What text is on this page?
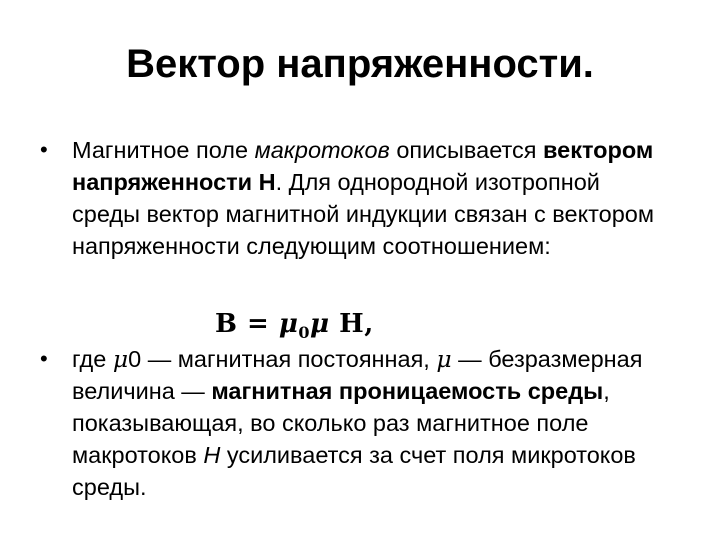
Вектор напряженности.
•	Магнитное поле макротоков описывается вектором напряженности Н. Для однородной изотропной среды вектор магнитной индукции связан с вектором напряженности следующим соотношением:
$B = \mu_0\mu$ H,
•	где μ0 — магнитная постоянная, μ — безразмерная величина — магнитная проницаемость среды, показывающая, во сколько раз магнитное поле макротоков Н усиливается за счет поля микротоков среды.
